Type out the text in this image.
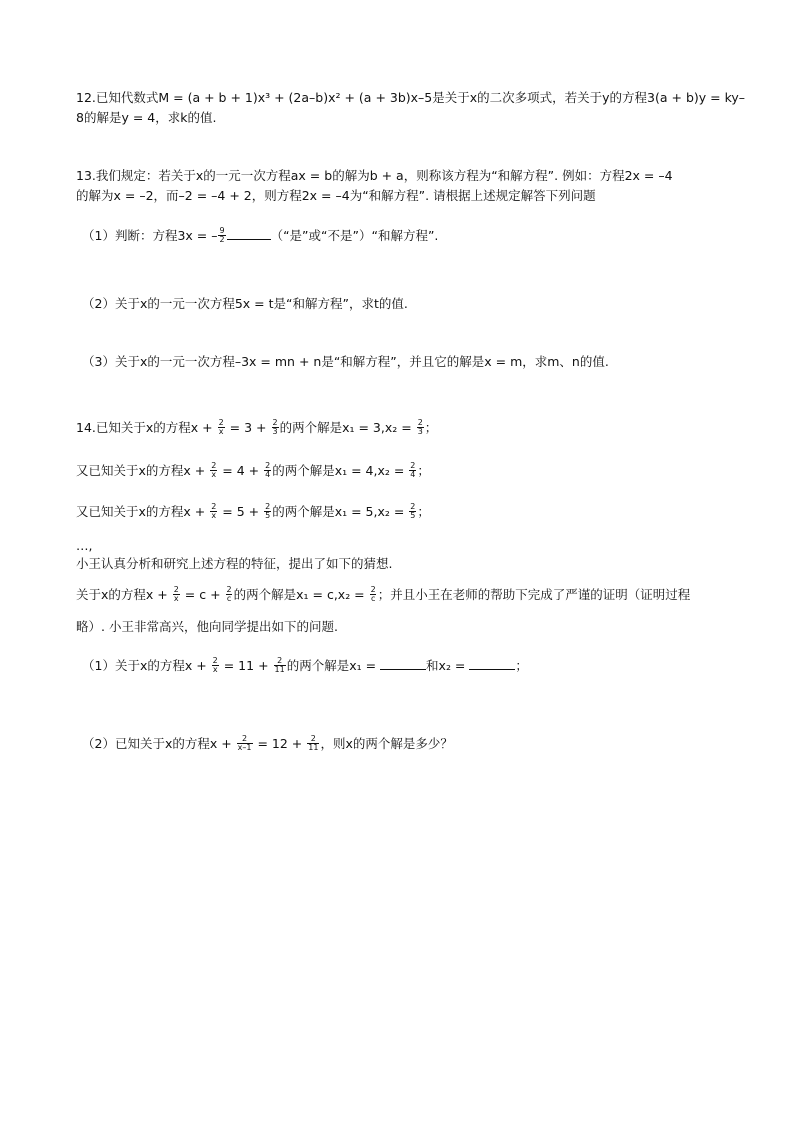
12.已知代数式M = (a + b + 1)x³ + (2a–b)x² + (a + 3b)x–5是关于x的二次多项式，若关于y的方程3(a + b)y = ky–
8的解是y = 4，求k的值.
13.我们规定：若关于x的一元一次方程ax = b的解为b + a，则称该方程为“和解方程”. 例如：方程2x = –4
的解为x = –2，而–2 = –4 + 2，则方程2x = –4为“和解方程”. 请根据上述规定解答下列问题
（1）判断：方程3x = – $\frac{9}{2}$	（“是”或“不是”）“和解方程”.
（2）关于x的一元一次方程5x = t是“和解方程”，求t的值.
（3）关于x的一元一次方程–3x = mn + n是“和解方程”，并且它的解是x = m，求m、n的值.
14.已知关于x的方程$x + \frac{2}{x} = 3 + \frac{2}{3}$ 的两个解是$x_1 = 3,x_2 = \frac{2}{3}$ ；
又已知关于x的方程$x + \frac{2}{x} = 4 + \frac{2}{4}$ 的两个解是$x_1 = 4,x_2 = \frac{2}{4}$ ；
又已知关于x的方程$x + \frac{2}{x} = 5 + \frac{2}{5}$ 的两个解是$x_1 = 5,x_2 = \frac{2}{5}$ ；
…,
小王认真分析和研究上述方程的特征，提出了如下的猜想.
关于x的方程$x + \frac{2}{x} = c + \frac{2}{c}$ 的两个解是$x_1 = c,x_2 = \frac{2}{c}$ ；并且小王在老师的帮助下完成了严谨的证明（证明过程
略）. 小王非常高兴，他向同学提出如下的问题.
（1）关于x的方程$x + \frac{2}{x} = 11 + \frac{2}{11}$ 的两个解是x₁ =	和x₂ =	；
（2）已知关于x的方程$x + \frac{2}{x-1} = 12 + \frac{2}{11}$ ，则x的两个解是多少？
